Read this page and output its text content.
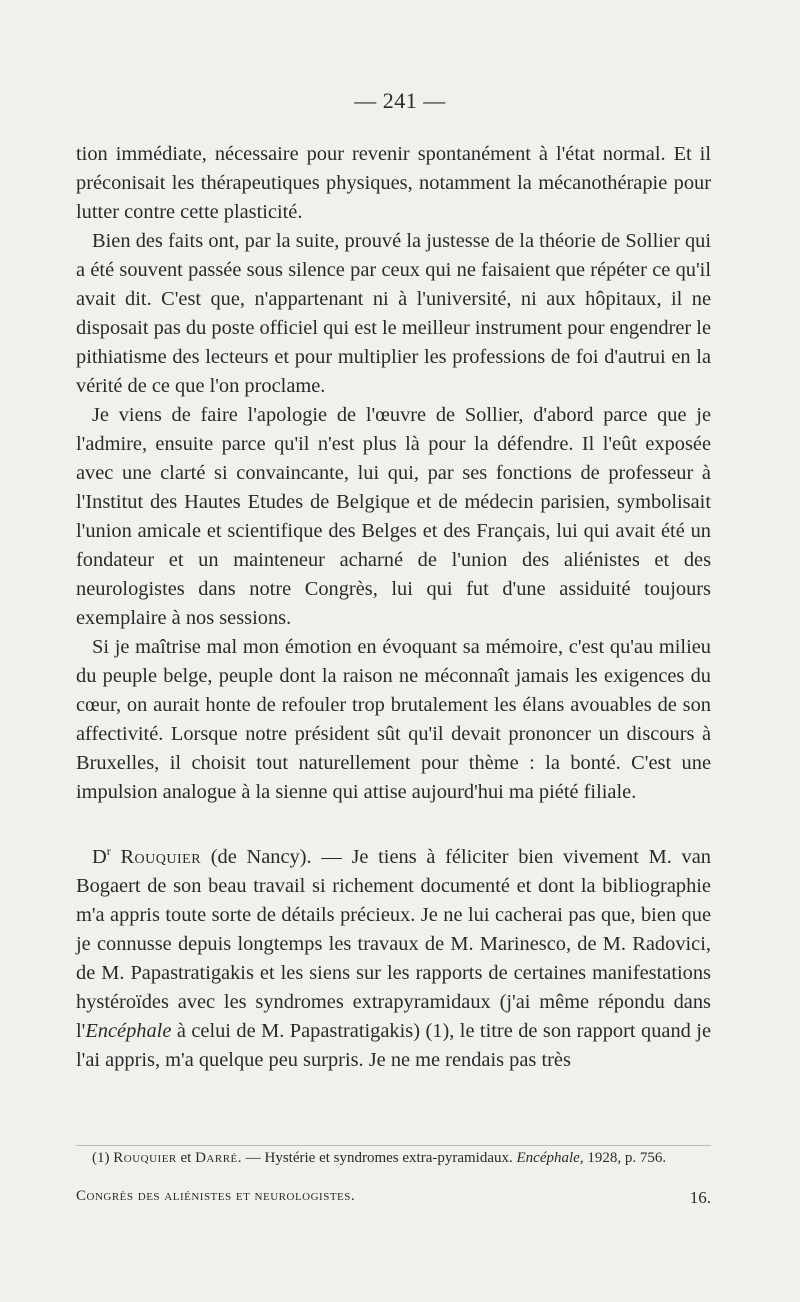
— 241 —

tion immédiate, nécessaire pour revenir spontanément à l'état normal. Et il préconisait les thérapeutiques physiques, notamment la mécanothérapie pour lutter contre cette plasticité.

Bien des faits ont, par la suite, prouvé la justesse de la théorie de Sollier qui a été souvent passée sous silence par ceux qui ne faisaient que répéter ce qu'il avait dit. C'est que, n'appartenant ni à l'université, ni aux hôpitaux, il ne disposait pas du poste officiel qui est le meilleur instrument pour engendrer le pithiatisme des lecteurs et pour multiplier les professions de foi d'autrui en la vérité de ce que l'on proclame.

Je viens de faire l'apologie de l'œuvre de Sollier, d'abord parce que je l'admire, ensuite parce qu'il n'est plus là pour la défendre. Il l'eût exposée avec une clarté si convaincante, lui qui, par ses fonctions de professeur à l'Institut des Hautes Etudes de Belgique et de médecin parisien, symbolisait l'union amicale et scientifique des Belges et des Français, lui qui avait été un fondateur et un mainteneur acharné de l'union des aliénistes et des neurologistes dans notre Congrès, lui qui fut d'une assiduité toujours exemplaire à nos sessions.

Si je maîtrise mal mon émotion en évoquant sa mémoire, c'est qu'au milieu du peuple belge, peuple dont la raison ne méconnaît jamais les exigences du cœur, on aurait honte de refouler trop brutalement les élans avouables de son affectivité. Lorsque notre président sût qu'il devait prononcer un discours à Bruxelles, il choisit tout naturellement pour thème : la bonté. C'est une impulsion analogue à la sienne qui attise aujourd'hui ma piété filiale.

$D^r$ Rouquier (de Nancy). — Je tiens à féliciter bien vivement M. van Bogaert de son beau travail si richement documenté et dont la bibliographie m'a appris toute sorte de détails précieux. Je ne lui cacherai pas que, bien que je connusse depuis longtemps les travaux de M. Marinesco, de M. Radovici, de M. Papastratigakis et les siens sur les rapports de certaines manifestations hystéroïdes avec les syndromes extrapyramidaux (j'ai même répondu dans l'Encéphale à celui de M. Papastratigakis) (1), le titre de son rapport quand je l'ai appris, m'a quelque peu surpris. Je ne me rendais pas très

(1) Rouquier et Darré. — Hystérie et syndromes extra-pyramidaux. Encéphale, 1928, p. 756.

Congrès des aliénistes et neurologistes.	16.
